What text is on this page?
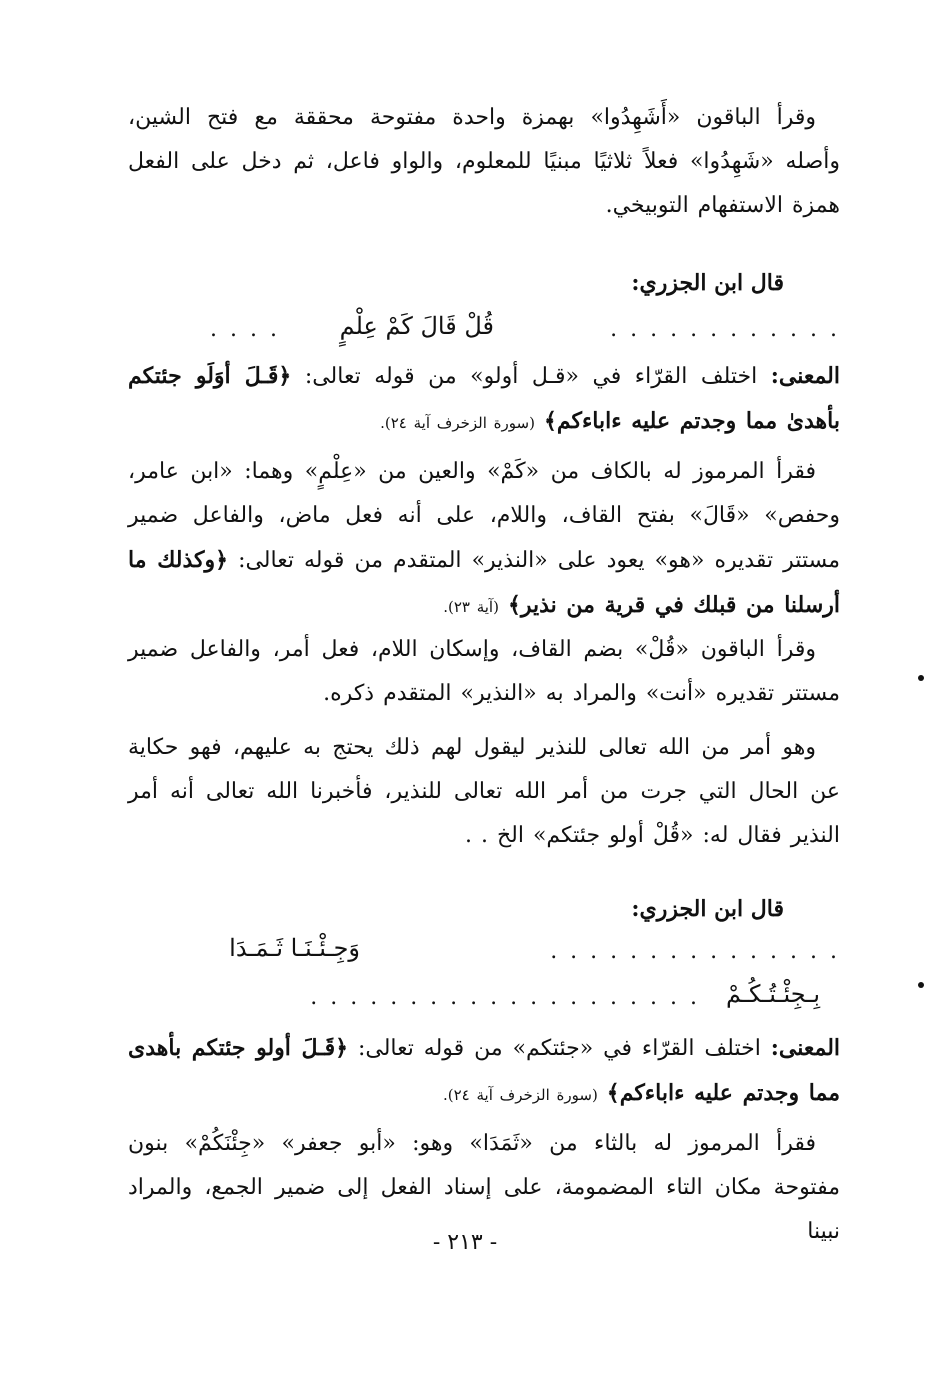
وقرأ الباقون «أَشَهِدُوا» بهمزة واحدة مفتوحة محققة مع فتح الشين، وأصله «شَهِدُوا» فعلاً ثلاثيًا مبنيًا للمعلوم، والواو فاعل، ثم دخل على الفعل همزة الاستفهام التوبيخي.
قال ابن الجزري:
. . . . . . . . . . . .
قُلْ قَالَ كَمْ عِلْمٍ
. . . .
المعنى: اختلف القرّاء في «قـل أولو» من قوله تعالى: ﴿قَـلَ أوَلَو جئتكم بأهدىٰ مما وجدتم عليه ءاباءكم﴾ (سورة الزخرف آية ٢٤).
فقرأ المرموز له بالكاف من «كَمْ» والعين من «عِلْمٍ» وهما: «ابن عامر، وحفص» «قَالَ» بفتح القاف، واللام، على أنه فعل ماض، والفاعل ضمير مستتر تقديره «هو» يعود على «النذير» المتقدم من قوله تعالى: ﴿وكذلك ما أرسلنا من قبلك في قرية من نذير﴾ (آية ٢٣).
وقرأ الباقون «قُلْ» بضم القاف، وإسكان اللام، فعل أمر، والفاعل ضمير مستتر تقديره «أنت» والمراد به «النذير» المتقدم ذكره.
وهو أمر من الله تعالى للنذير ليقول لهم ذلك يحتج به عليهم، فهو حكاية عن الحال التي جرت من أمر الله تعالى للنذير، فأخبرنا الله تعالى أنه أمر النذير فقال له: «قُلْ أولو جئتكم» الخ . .
قال ابن الجزري:
. . . . . . . . . . . . . . .
وَجِـئْـنَـا ثَـمَـدَا
بِـجِئْـتُـكُـمْ
. . . . . . . . . . . . . . . . . . . .
المعنى: اختلف القرّاء في «جئتكم» من قوله تعالى: ﴿قَـلَ أولو جئتكم بأهدى مما وجدتم عليه ءاباءكم﴾ (سورة الزخرف آية ٢٤).
فقرأ المرموز له بالثاء من «ثَمَدَا» وهو: «أبو جعفر» «جِئْنَكُمْ» بنون مفتوحة مكان التاء المضمومة، على إسناد الفعل إلى ضمير الجمع، والمراد نبينا
- ٢١٣ -
